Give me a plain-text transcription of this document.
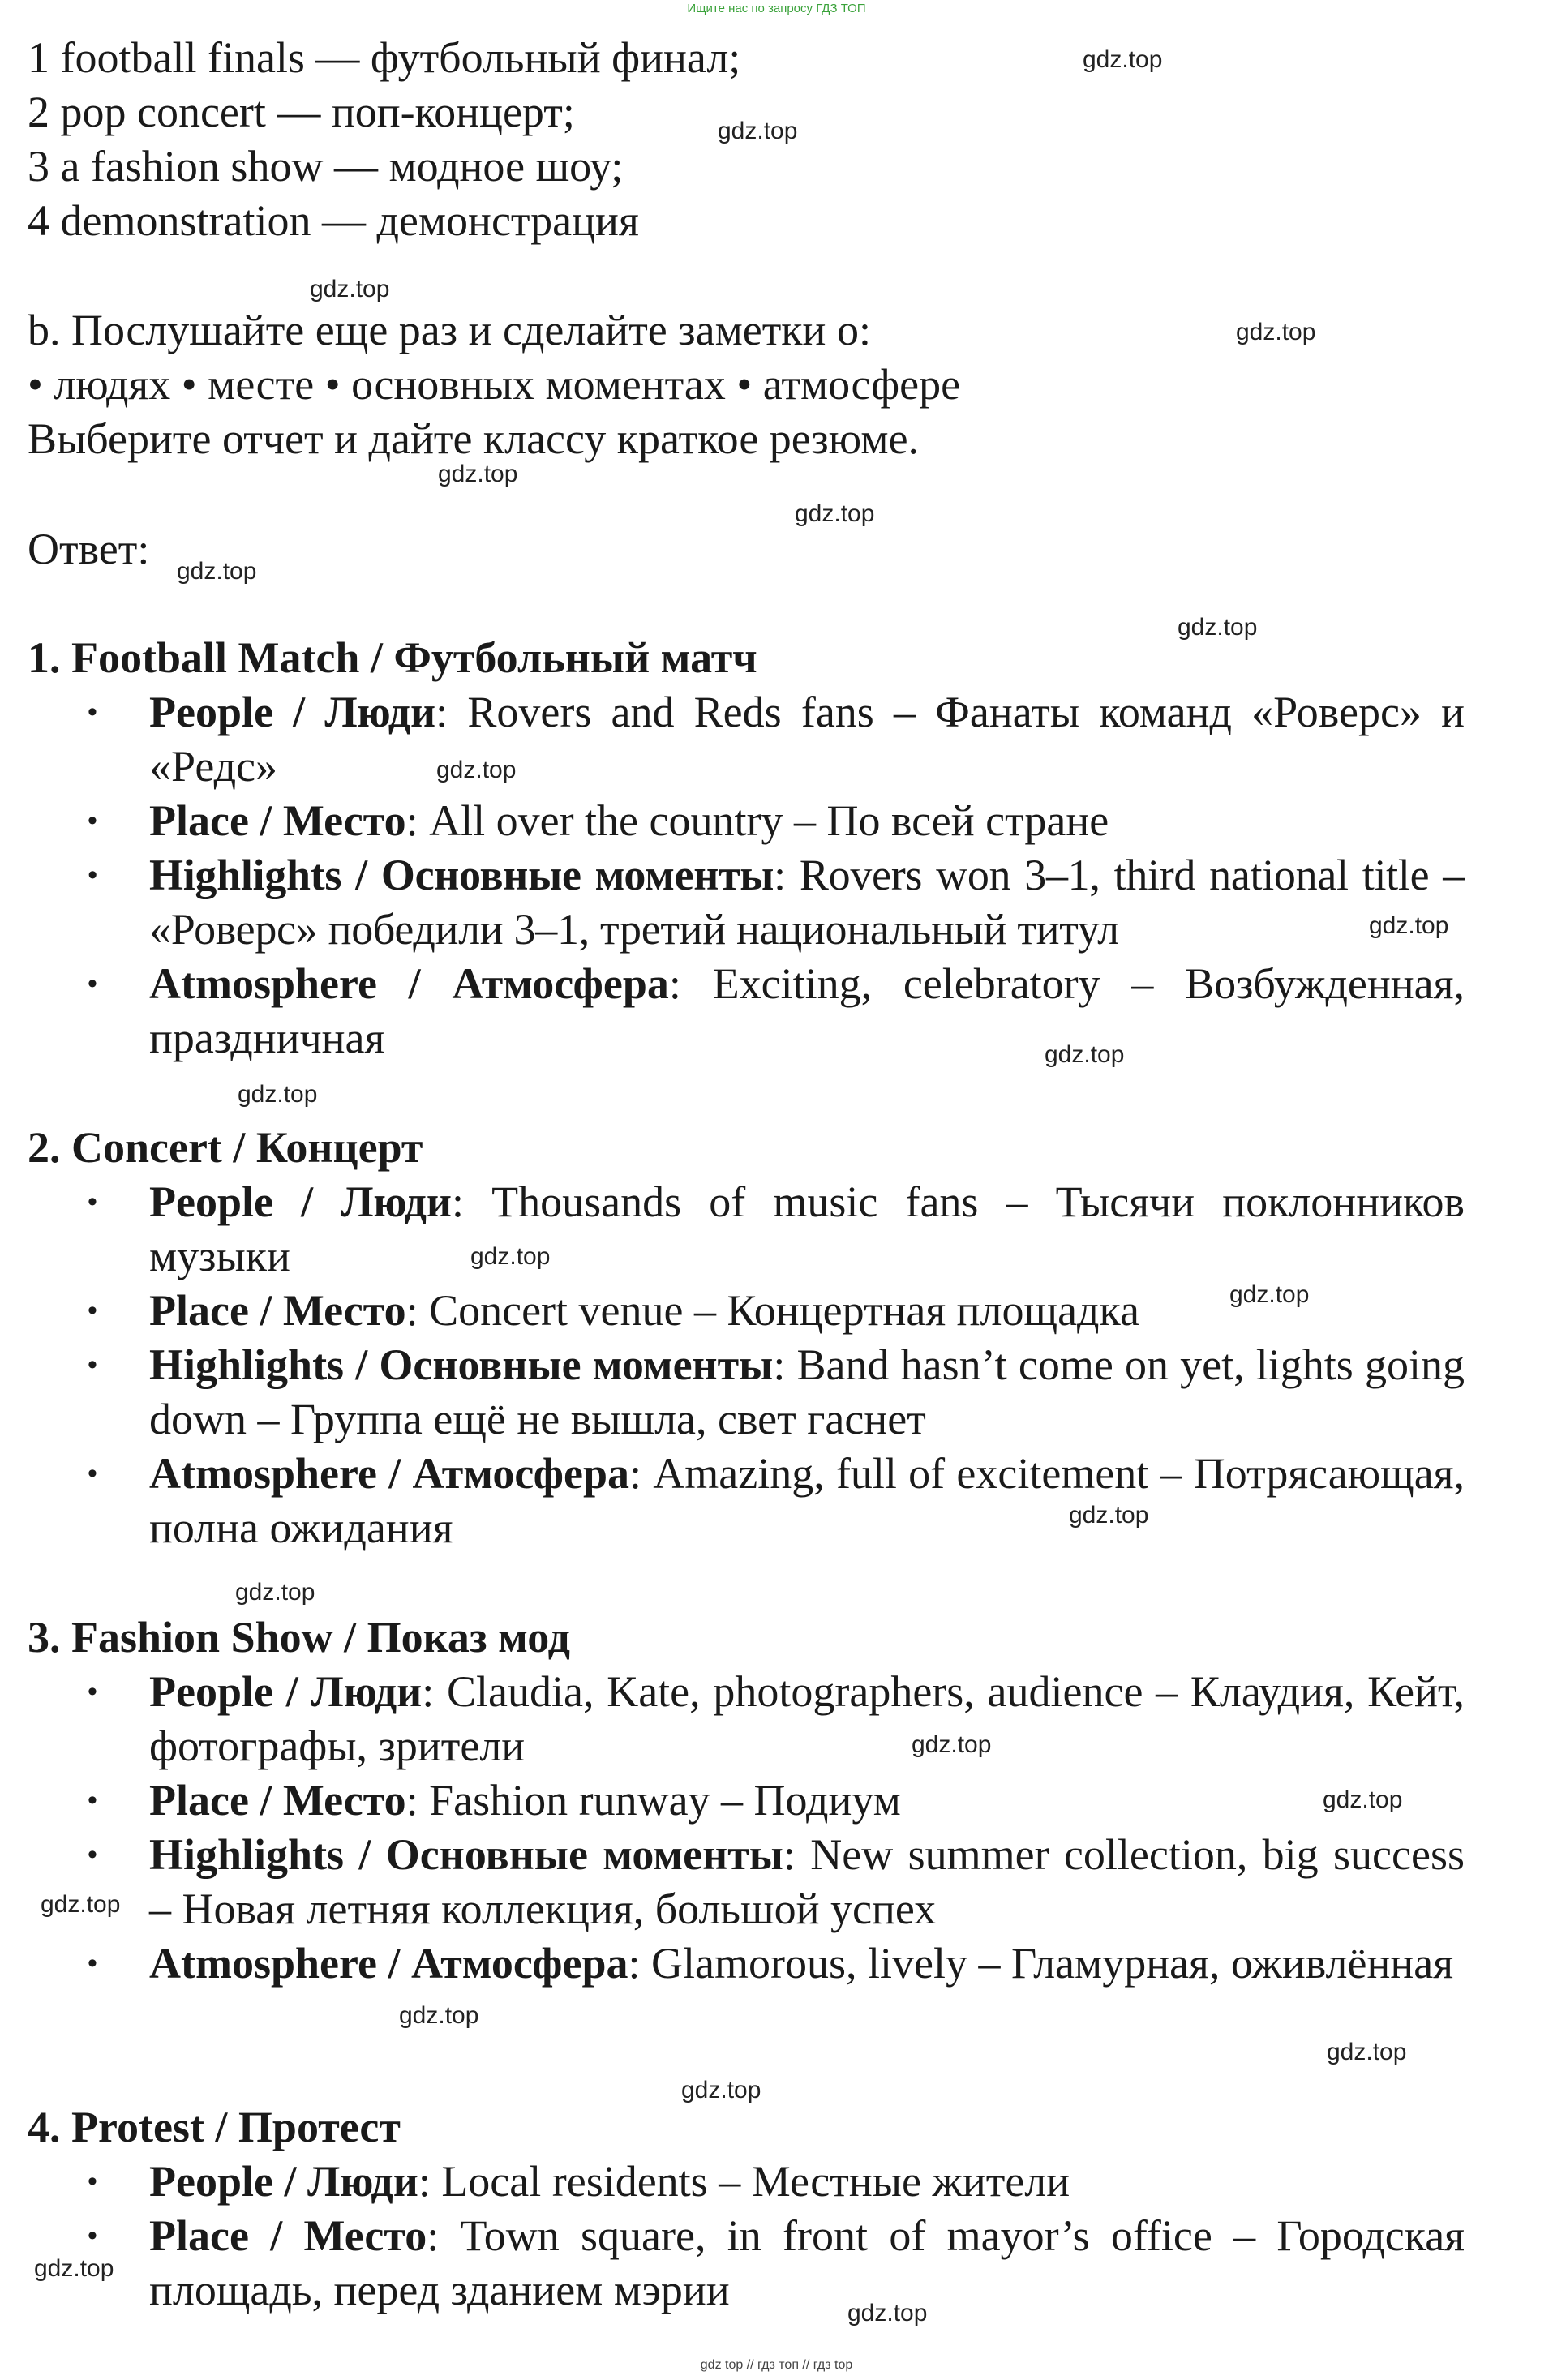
Ищите нас по запросу ГДЗ ТОП

1 football finals — футбольный финал;

2 pop concert — поп-концерт;

3 a fashion show — модное шоу;

4 demonstration — демонстрация

b. Послушайте еще раз и сделайте заметки о:

• людях • месте • основных моментах • атмосфере

Выберите отчет и дайте классу краткое резюме.

Ответ:

1. Football Match / Футбольный матч

• People / Люди: Rovers and Reds fans – Фанаты команд «Роверс» и «Редс»
• Place / Место: All over the country – По всей стране
• Highlights / Основные моменты: Rovers won 3–1, third national title – «Роверс» победили 3–1, третий национальный титул
• Atmosphere / Атмосфера: Exciting, celebratory – Возбужденная, праздничная

2. Concert / Концерт

• People / Люди: Thousands of music fans – Тысячи поклонников музыки
• Place / Место: Concert venue – Концертная площадка
• Highlights / Основные моменты: Band hasn’t come on yet, lights going down – Группа ещё не вышла, свет гаснет
• Atmosphere / Атмосфера: Amazing, full of excitement – Потрясающая, полна ожидания

3. Fashion Show / Показ мод

• People / Люди: Claudia, Kate, photographers, audience – Клаудия, Кейт, фотографы, зрители
• Place / Место: Fashion runway – Подиум
• Highlights / Основные моменты: New summer collection, big success – Новая летняя коллекция, большой успех
• Atmosphere / Атмосфера: Glamorous, lively – Гламурная, оживлённая

4. Protest / Протест

• People / Люди: Local residents – Местные жители
• Place / Место: Town square, in front of mayor’s office – Городская площадь, перед зданием мэрии
gdz.top
gdz.top
gdz.top
gdz.top
gdz.top
gdz.top
gdz.top
gdz.top
gdz.top
gdz.top
gdz.top
gdz.top
gdz.top
gdz.top
gdz.top
gdz.top
gdz.top
gdz.top
gdz.top
gdz.top
gdz.top
gdz.top
gdz.top
gdz.top
gdz top // гдз топ // гдз top
